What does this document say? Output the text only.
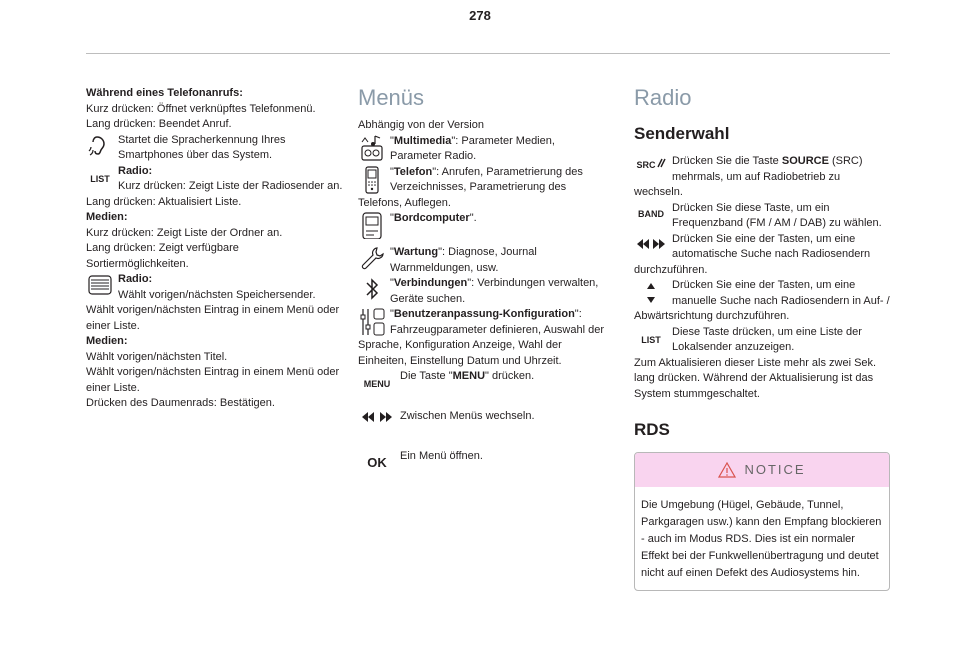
278
Während eines Telefonanrufs:
Kurz drücken: Öffnet verknüpftes Telefonmenü.
Lang drücken: Beendet Anruf.
Startet die Spracherkennung Ihres Smartphones über das System.
LIST
Radio:
Kurz drücken: Zeigt Liste der Radiosender an.
Lang drücken: Aktualisiert Liste.
Medien:
Kurz drücken: Zeigt Liste der Ordner an.
Lang drücken: Zeigt verfügbare Sortiermöglichkeiten.
Radio:
Wählt vorigen/nächsten Speichersender.
Wählt vorigen/nächsten Eintrag in einem Menü oder einer Liste.
Medien:
Wählt vorigen/nächsten Titel.
Wählt vorigen/nächsten Eintrag in einem Menü oder einer Liste.
Drücken des Daumenrads: Bestätigen.
Menüs
Abhängig von der Version
"Multimedia": Parameter Medien, Parameter Radio.
"Telefon": Anrufen, Parametrierung des Verzeichnisses, Parametrierung des Telefons, Auflegen.
"Bordcomputer".
"Wartung": Diagnose, Journal Warnmeldungen, usw.
"Verbindungen": Verbindungen verwalten, Geräte suchen.
"Benutzeranpassung-Konfiguration": Fahrzeugparameter definieren, Auswahl der Sprache, Konfiguration Anzeige, Wahl der Einheiten, Einstellung Datum und Uhrzeit.
MENU
Die Taste "MENU" drücken.
Zwischen Menüs wechseln.
OK	Ein Menü öffnen.
Radio
Senderwahl
SRC	Drücken Sie die Taste SOURCE (SRC) mehrmals, um auf Radiobetrieb zu wechseln.
BAND Drücken Sie diese Taste, um ein Frequenzband (FM / AM / DAB) zu wählen.
Drücken Sie eine der Tasten, um eine automatische Suche nach Radiosendern durchzuführen.
Drücken Sie eine der Tasten, um eine manuelle Suche nach Radiosendern in Auf- / Abwärtsrichtung durchzuführen.
LIST
Diese Taste drücken, um eine Liste der Lokalsender anzuzeigen.
Zum Aktualisieren dieser Liste mehr als zwei Sek. lang drücken. Während der Aktualisierung ist das System stummgeschaltet.
RDS
NOTICE
Die Umgebung (Hügel, Gebäude, Tunnel, Parkgaragen usw.) kann den Empfang blockieren - auch im Modus RDS. Dies ist ein normaler Effekt bei der Funkwellenübertragung und deutet nicht auf einen Defekt des Audiosystems hin.
